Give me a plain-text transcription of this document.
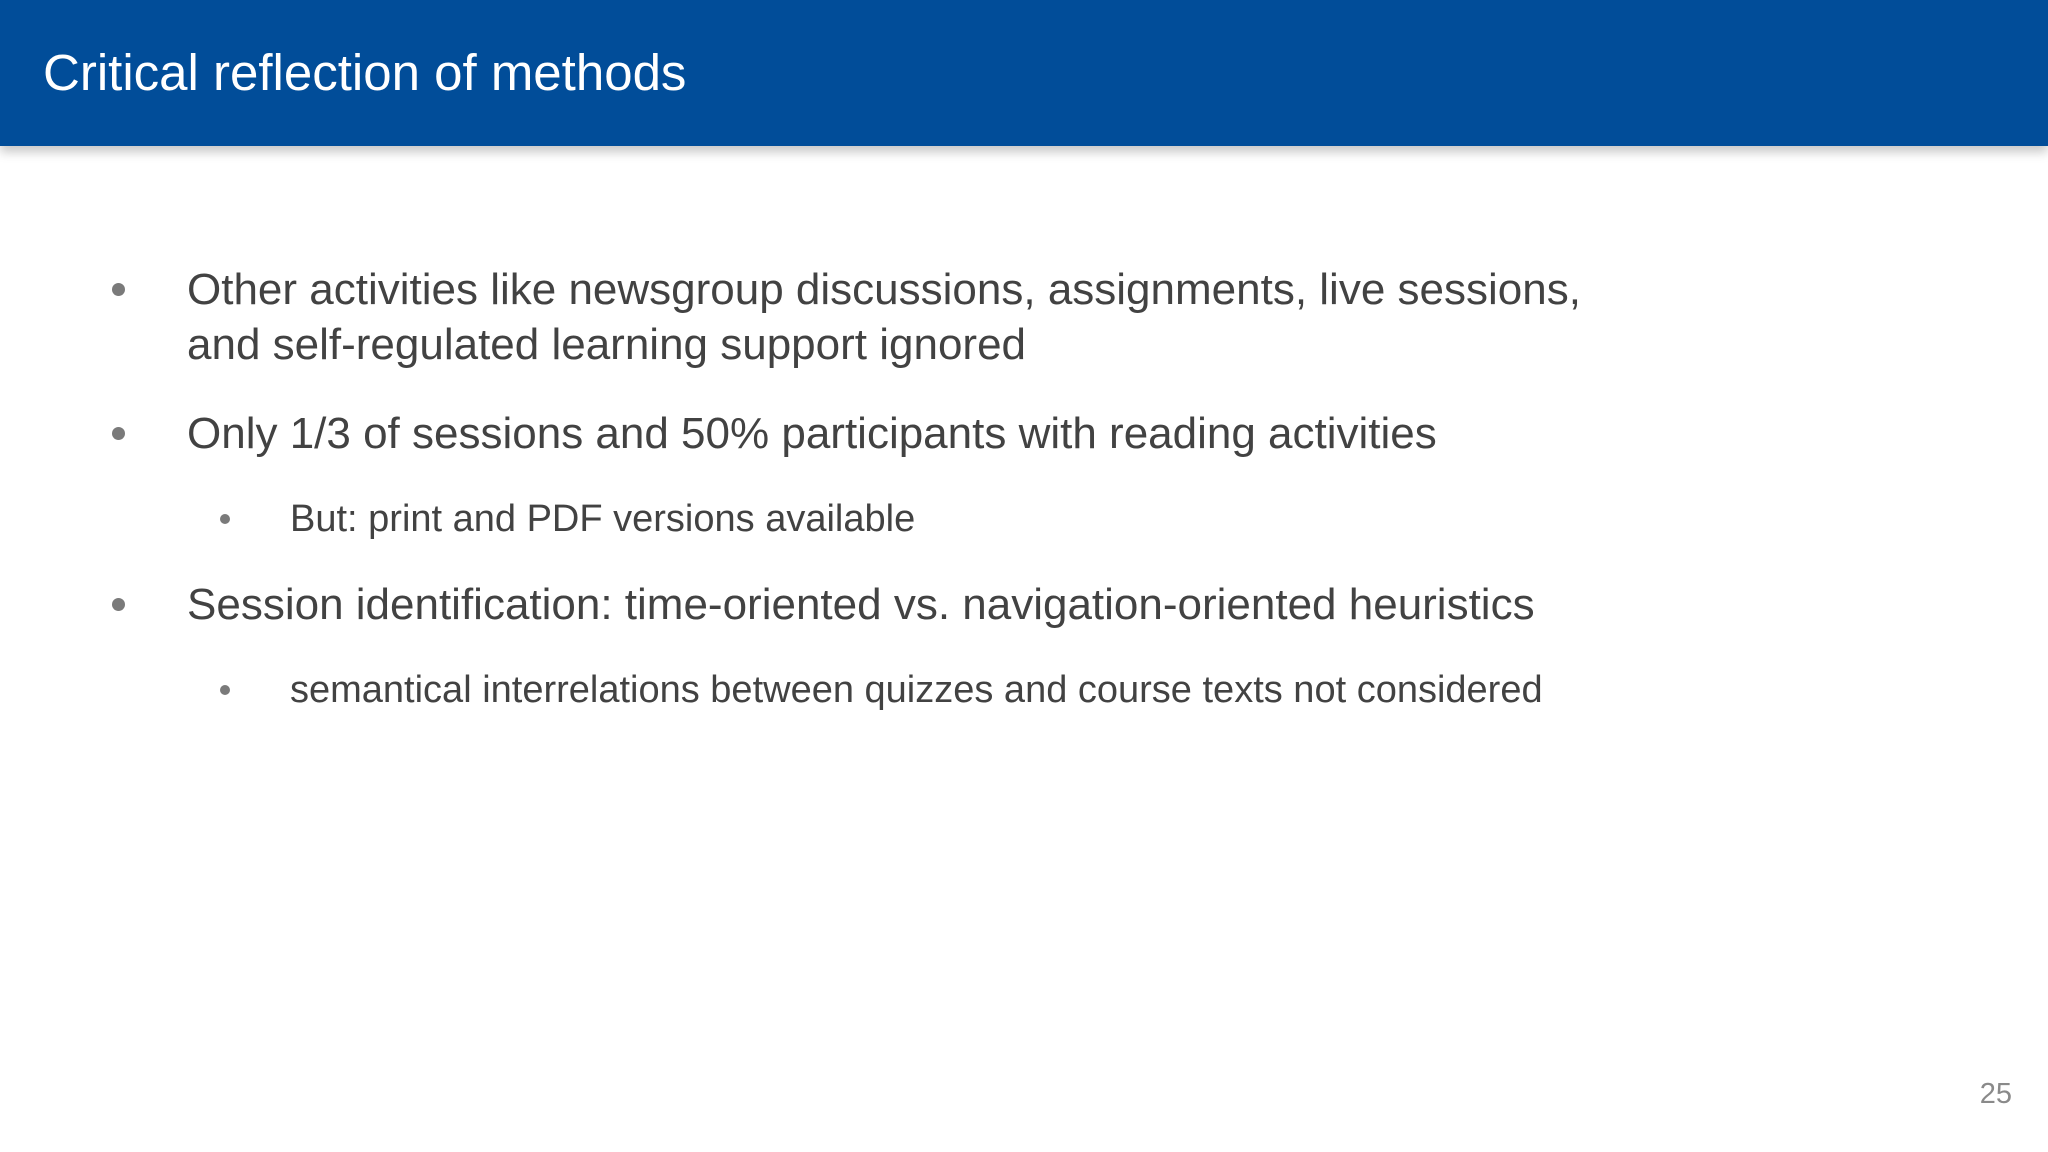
Critical reflection of methods
Other activities like newsgroup discussions, assignments, live sessions,
and self-regulated learning support ignored
Only 1/3 of sessions and 50% participants with reading activities
But: print and PDF versions available
Session identification: time-oriented vs. navigation-oriented heuristics
semantical interrelations between quizzes and course texts not considered
25
